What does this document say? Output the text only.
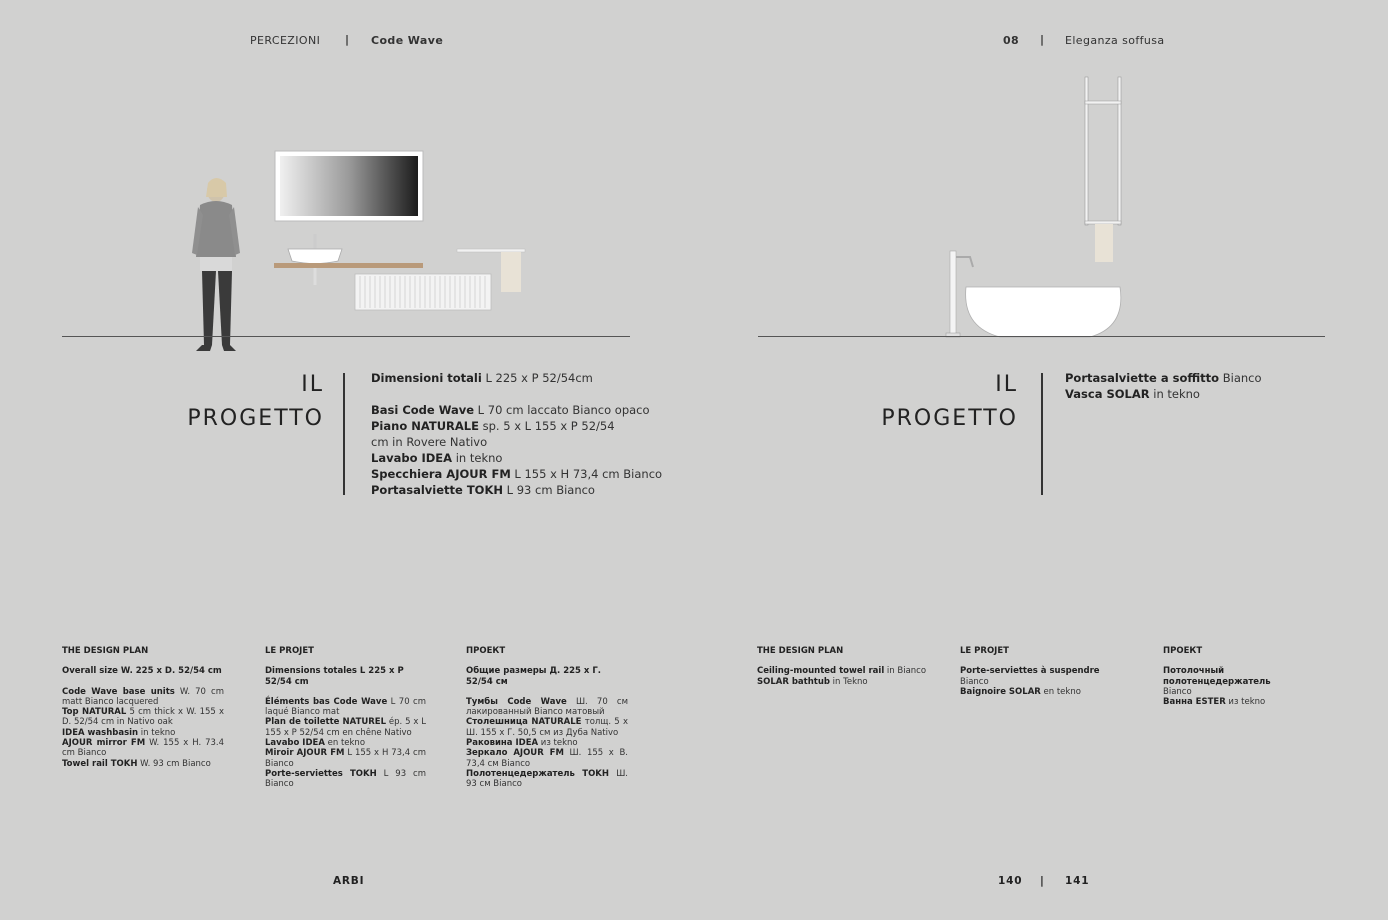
PERCEZIONI | Code Wave	08 | Eleganza soffusa
IL
PROGETTO
Dimensioni totali L 225 x P 52/54cm
Basi Code Wave L 70 cm laccato Bianco opaco
Piano NATURALE sp. 5 x L 155 x P 52/54 cm in Rovere Nativo
Lavabo IDEA in tekno
Specchiera AJOUR FM L 155 x H 73,4 cm Bianco
Portasalviette TOKH L 93 cm Bianco
IL
PROGETTO
Portasalviette a soffitto Bianco
Vasca SOLAR in tekno
THE DESIGN PLAN
Overall size W. 225 x D. 52/54 cm
Code Wave base units W. 70 cm matt Bianco lacquered
Top NATURAL 5 cm thick x W. 155 x D. 52/54 cm in Nativo oak
IDEA washbasin in tekno
AJOUR mirror FM W. 155 x H. 73.4 cm Bianco
Towel rail TOKH W. 93 cm Bianco
LE PROJET
Dimensions totales L 225 x P 52/54 cm
Éléments bas Code Wave L 70 cm laqué Bianco mat
Plan de toilette NATUREL ép. 5 x L 155 x P 52/54 cm en chêne Nativo
Lavabo IDEA en tekno
Miroir AJOUR FM L 155 x H 73,4 cm Bianco
Porte-serviettes TOKH L 93 cm Bianco
ПРОЕКТ
Общие размеры Д. 225 x Г. 52/54 см
Тумбы Code Wave Ш. 70 см лакированный Bianco матовый
Столешница NATURALE толщ. 5 x Ш. 155 x Г. 50,5 см из Дуба Nativo
Раковина IDEA из tekno
Зеркало AJOUR FM Ш. 155 x В. 73,4 см Bianco
Полотенцедержатель TOKH Ш. 93 см Bianco
THE DESIGN PLAN
Ceiling-mounted towel rail in Bianco
SOLAR bathtub in Tekno
LE PROJET
Porte-serviettes à suspendre Bianco
Baignoire SOLAR en tekno
ПРОЕКТ
Потолочный полотенцедержатель
Bianco
Ванна ESTER из tekno
ARBI	140 | 141
